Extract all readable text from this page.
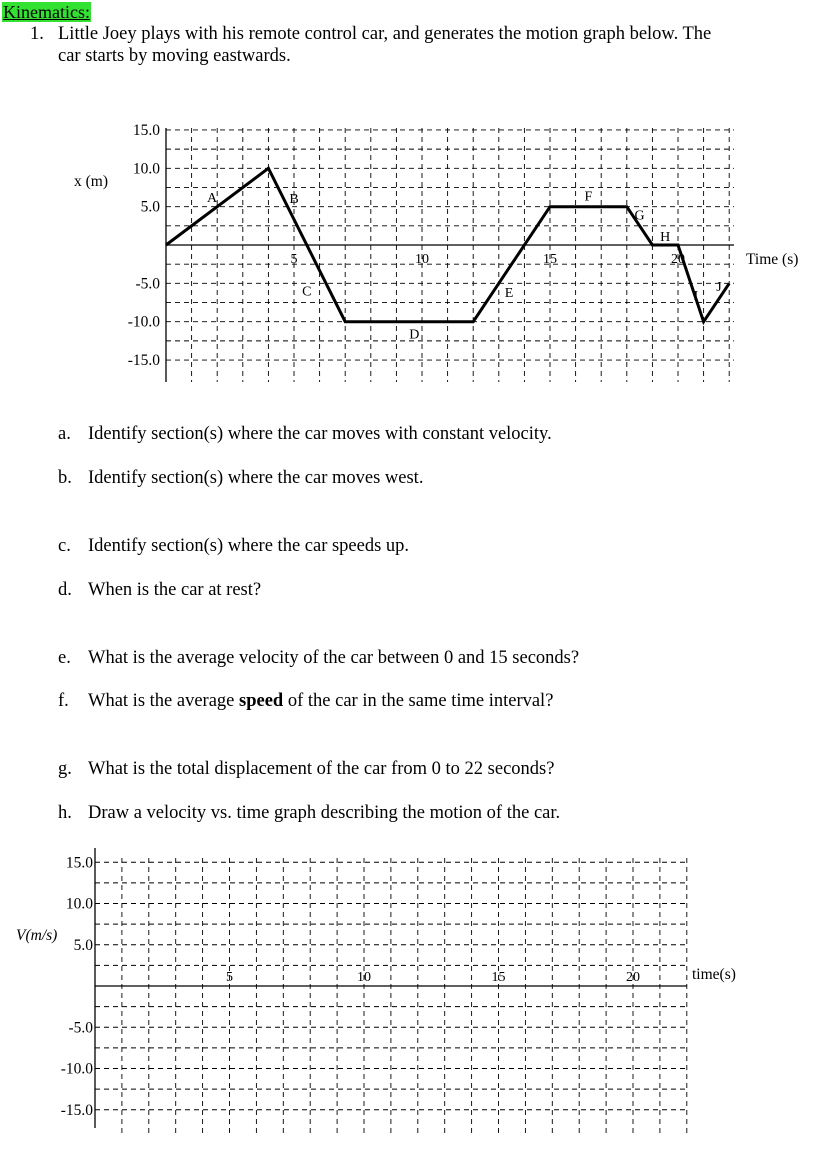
Kinematics:
1. Little Joey plays with his remote control car, and generates the motion graph below. The
car starts by moving eastwards.
15.0
10.0
5.0
-5.0
-10.0
-15.0
5	10	15	20
A	B
C
D
E
F
G
H
I
J
x (m)
Time (s)
a. Identify section(s) where the car moves with constant velocity.
b. Identify section(s) where the car moves west.
c. Identify section(s) where the car speeds up.
d. When is the car at rest?
e. What is the average velocity of the car between 0 and 15 seconds?
f. What is the average speed of the car in the same time interval?
g. What is the total displacement of the car from 0 to 22 seconds?
h. Draw a velocity vs. time graph describing the motion of the car.
15.0
10.0
5.0
-5.0
-10.0
-15.0
5	10	15	20
V(m/s)
time(s)
